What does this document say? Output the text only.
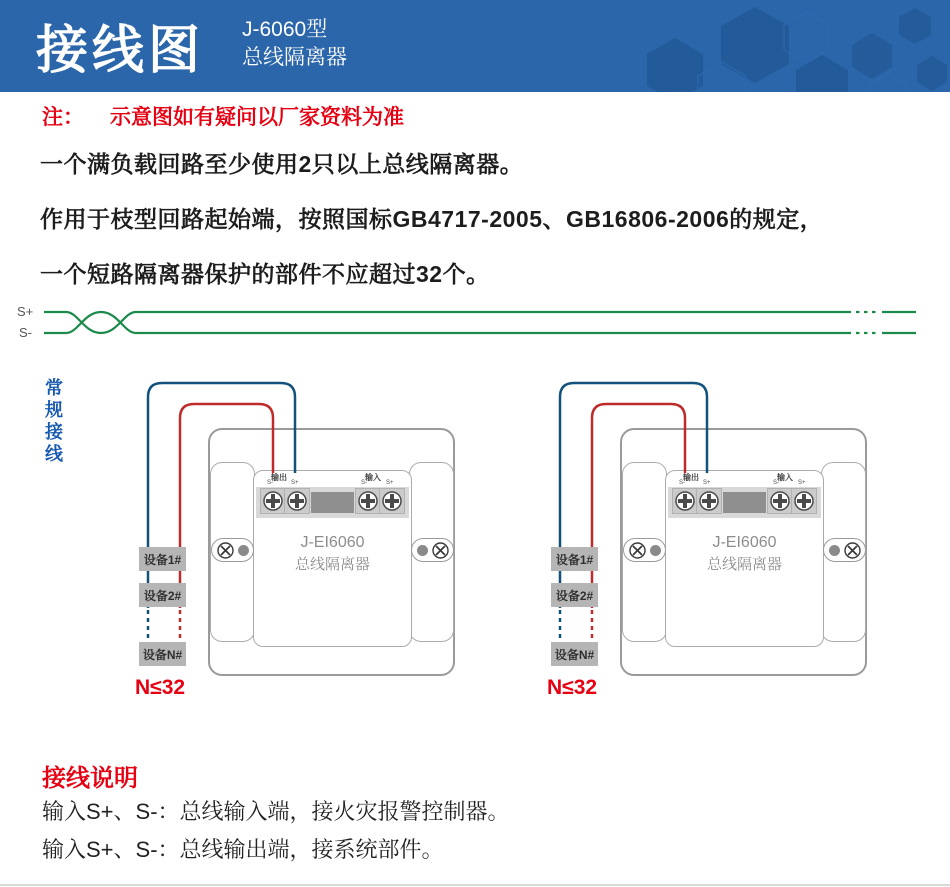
接线图 J-6060型
总线隔离器
注： 示意图如有疑问以厂家资料为准
一个满负载回路至少使用2只以上总线隔离器。
作用于枝型回路起始端，按照国标GB4717-2005、GB16806-2006的规定，
一个短路隔离器保护的部件不应超过32个。
S+
S-
常规接线
输出	输入
S-	S+	S-	S+
J-EI6060
总线隔离器
设备1#
设备2#
设备N#
N≤32
输出	输入
S-	S+	S-	S+
J-EI6060
总线隔离器
设备1#
设备2#
设备N#
N≤32
接线说明
输入S+、S-：总线输入端，接火灾报警控制器。
输入S+、S-：总线输出端，接系统部件。
